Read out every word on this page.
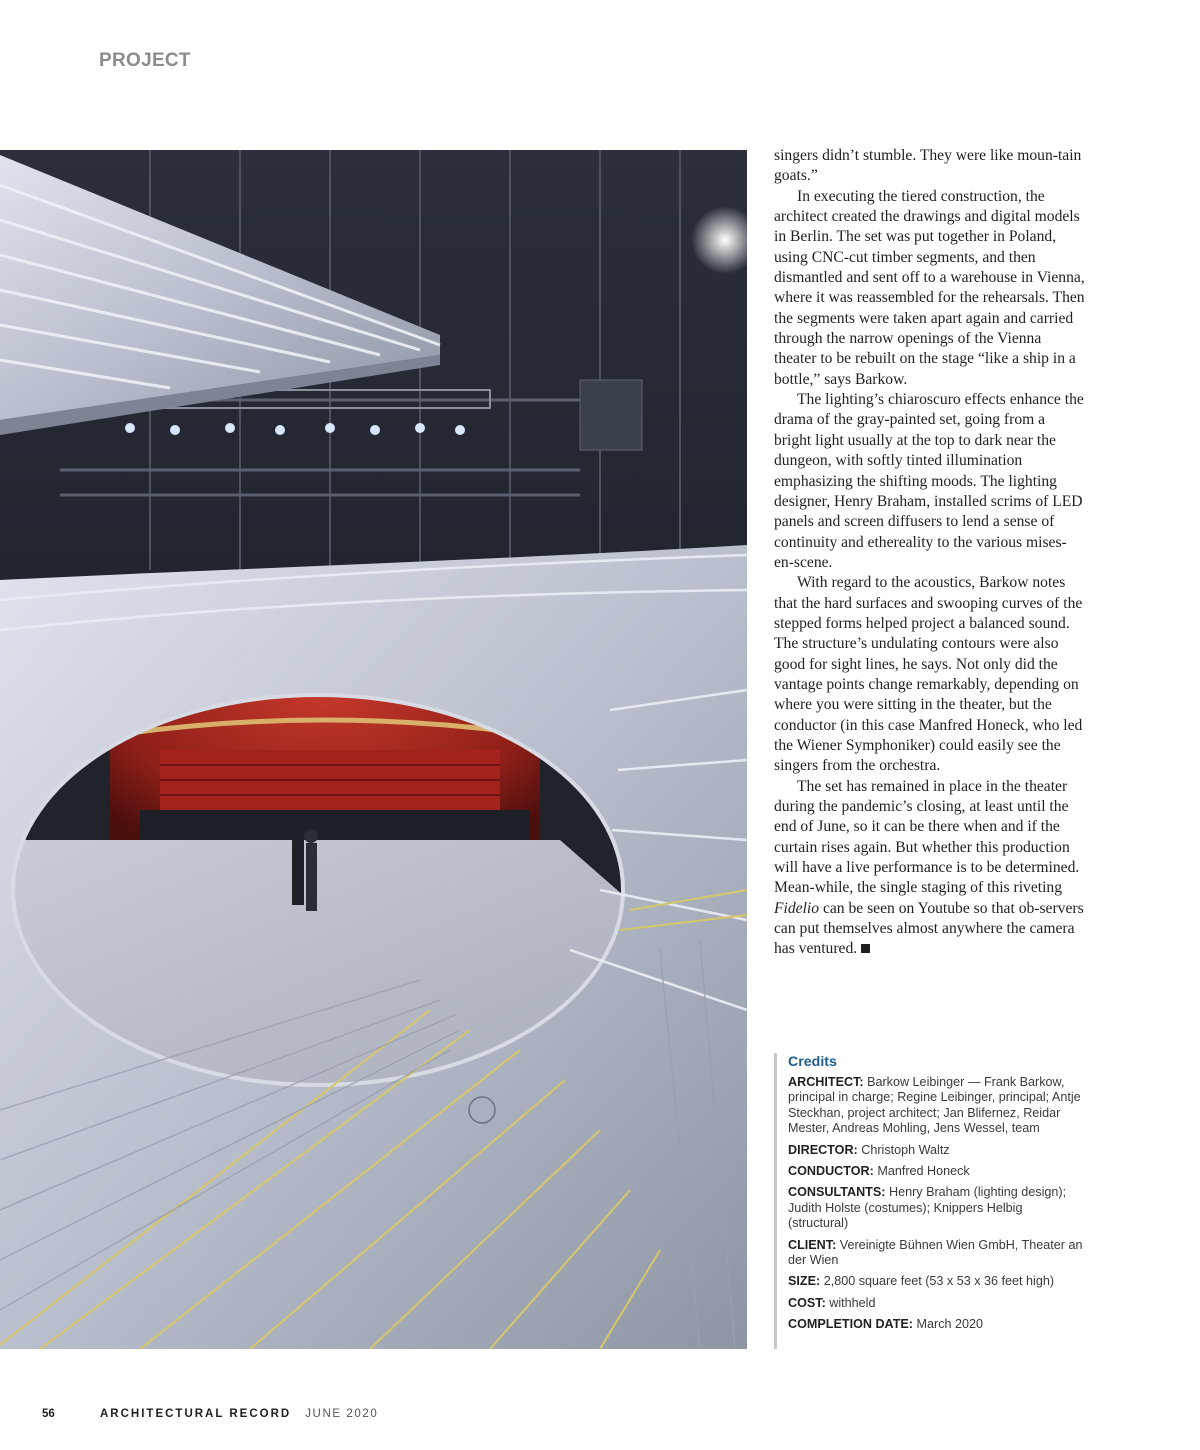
PROJECT

singers didn’t stumble. They were like moun-tain goats.”

In executing the tiered construction, the architect created the drawings and digital models in Berlin. The set was put together in Poland, using CNC-cut timber segments, and then dismantled and sent off to a warehouse in Vienna, where it was reassembled for the rehearsals. Then the segments were taken apart again and carried through the narrow openings of the Vienna theater to be rebuilt on the stage “like a ship in a bottle,” says Barkow.

The lighting’s chiaroscuro effects enhance the drama of the gray-painted set, going from a bright light usually at the top to dark near the dungeon, with softly tinted illumination emphasizing the shifting moods. The lighting designer, Henry Braham, installed scrims of LED panels and screen diffusers to lend a sense of continuity and ethereality to the various mises-en-scene.

With regard to the acoustics, Barkow notes that the hard surfaces and swooping curves of the stepped forms helped project a balanced sound. The structure’s undulating contours were also good for sight lines, he says. Not only did the vantage points change remarkably, depending on where you were sitting in the theater, but the conductor (in this case Manfred Honeck, who led the Wiener Symphoniker) could easily see the singers from the orchestra.

The set has remained in place in the theater during the pandemic’s closing, at least until the end of June, so it can be there when and if the curtain rises again. But whether this production will have a live performance is to be determined. Mean-while, the single staging of this riveting Fidelio can be seen on Youtube so that ob-servers can put themselves almost anywhere the camera has ventured.

Credits
ARCHITECT: Barkow Leibinger — Frank Barkow, principal in charge; Regine Leibinger, principal; Antje Steckhan, project architect; Jan Blifernez, Reidar Mester, Andreas Mohling, Jens Wessel, team
DIRECTOR: Christoph Waltz
CONDUCTOR: Manfred Honeck
CONSULTANTS: Henry Braham (lighting design); Judith Holste (costumes); Knippers Helbig (structural)
CLIENT: Vereinigte Bühnen Wien GmbH, Theater an der Wien
SIZE: 2,800 square feet (53 x 53 x 36 feet high)
COST: withheld
COMPLETION DATE: March 2020
56	ARCHITECTURAL RECORD JUNE 2020
